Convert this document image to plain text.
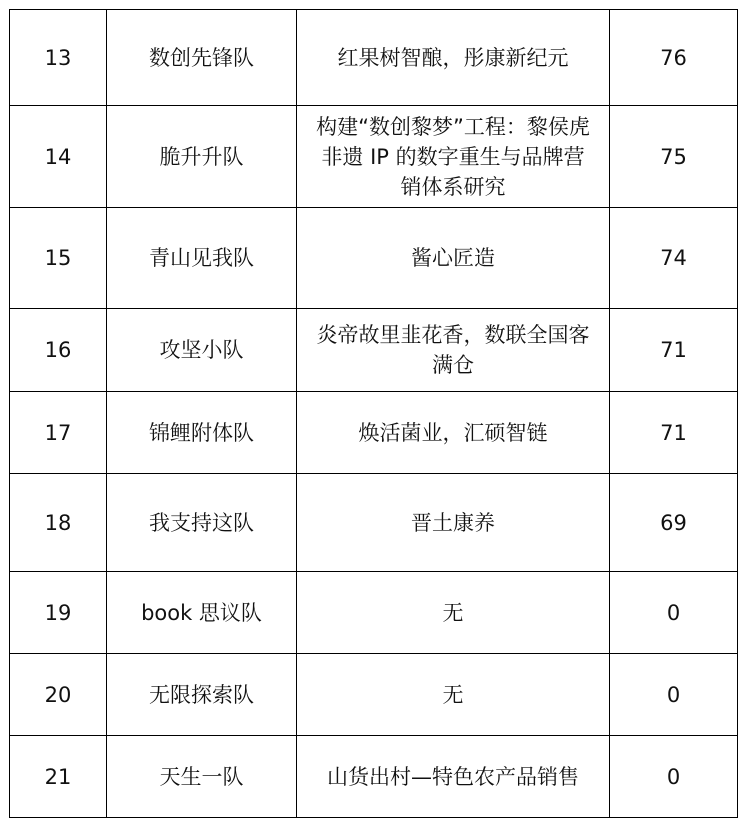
13	数创先锋队	红果树智酿，彤康新纪元	76
14	脆升升队	构建“数创黎梦”工程：黎侯虎非遗 IP 的数字重生与品牌营销体系研究	75
15	青山见我队	酱心匠造	74
16	攻坚小队	炎帝故里韭花香，数联全国客满仓	71
17	锦鲤附体队	焕活菌业，汇硕智链	71
18	我支持这队	晋土康养	69
19	book 思议队	无	0
20	无限探索队	无	0
21	天生一队	山货出村—特色农产品销售	0
